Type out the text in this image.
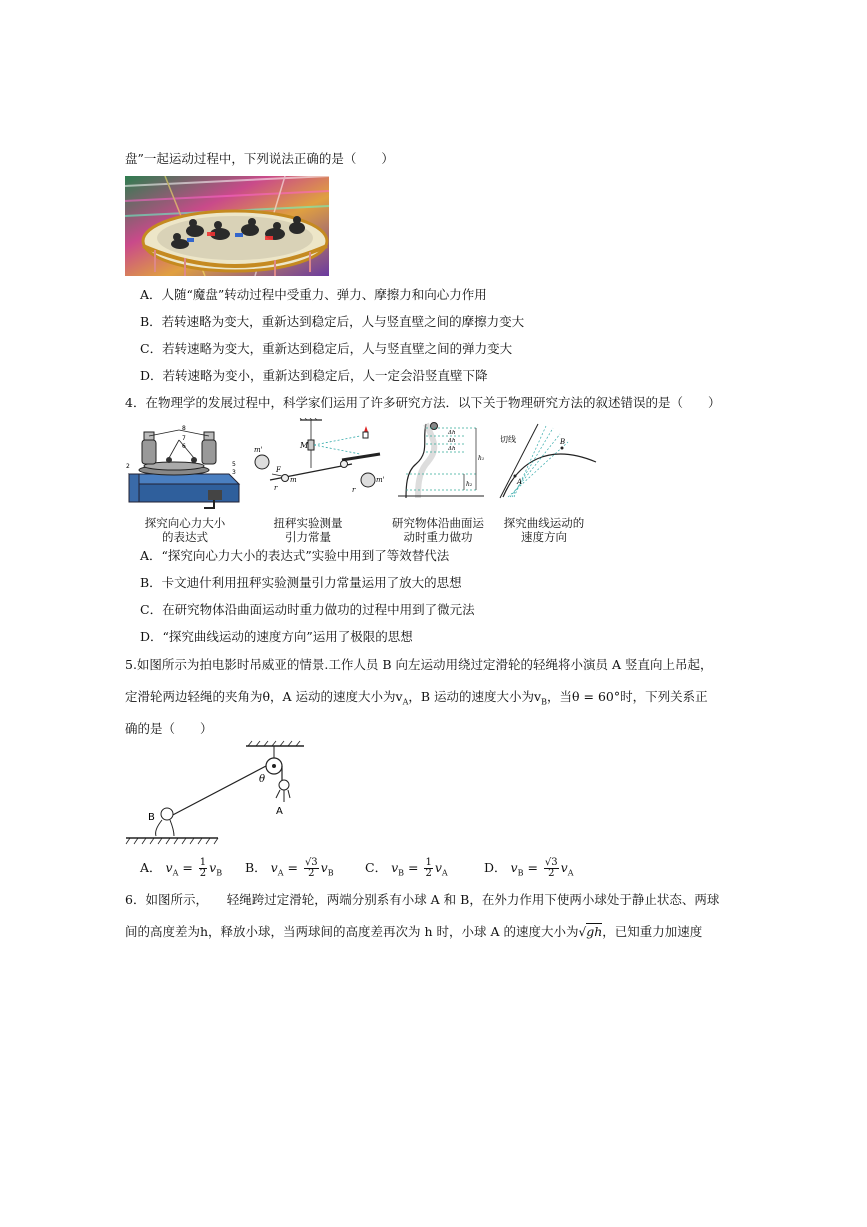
盘”一起运动过程中，下列说法正确的是（　　）
A．人随“魔盘”转动过程中受重力、弹力、摩擦力和向心力作用
B．若转速略为变大，重新达到稳定后，人与竖直壁之间的摩擦力变大
C．若转速略为变大，重新达到稳定后，人与竖直壁之间的弹力变大
D．若转速略为变小，重新达到稳定后，人一定会沿竖直壁下降
4．在物理学的发展过程中，科学家们运用了许多研究方法．以下关于物理研究方法的叙述错误的是（　　）
8
7
6
2	5
3
M
m'
m
F
r
m'
r
h₁
h₂
Δh
Δh
Δh
切线
A
B
探究向心力大小
的表达式
扭秤实验测量
引力常量
研究物体沿曲面运
动时重力做功
探究曲线运动的
速度方向
A．“探究向心力大小的表达式”实验中用到了等效替代法
B．卡文迪什利用扭秤实验测量引力常量运用了放大的思想
C．在研究物体沿曲面运动时重力做功的过程中用到了微元法
D．“探究曲线运动的速度方向”运用了极限的思想
5.如图所示为拍电影时吊威亚的情景.工作人员 B 向左运动用绕过定滑轮的轻绳将小演员 A 竖直向上吊起，
定滑轮两边轻绳的夹角为θ，A 运动的速度大小为$v_A$，B 运动的速度大小为$v_B$，当θ = 60°时，下列关系正
确的是（　　）
θ
A
B
A． $v_A = \frac{1}{2} v_B$ B． $v_A = \frac{√3}{2} v_B$	C． $v_B = \frac{1}{2} v_A$	D． $v_B = \frac{√3}{2} v_A$
6．如图所示，　　轻绳跨过定滑轮，两端分别系有小球 A 和 B，在外力作用下使两小球处于静止状态、两球
间的高度差为h，释放小球，当两球间的高度差再次为 h 时，小球 A 的速度大小为√gh，已知重力加速度
